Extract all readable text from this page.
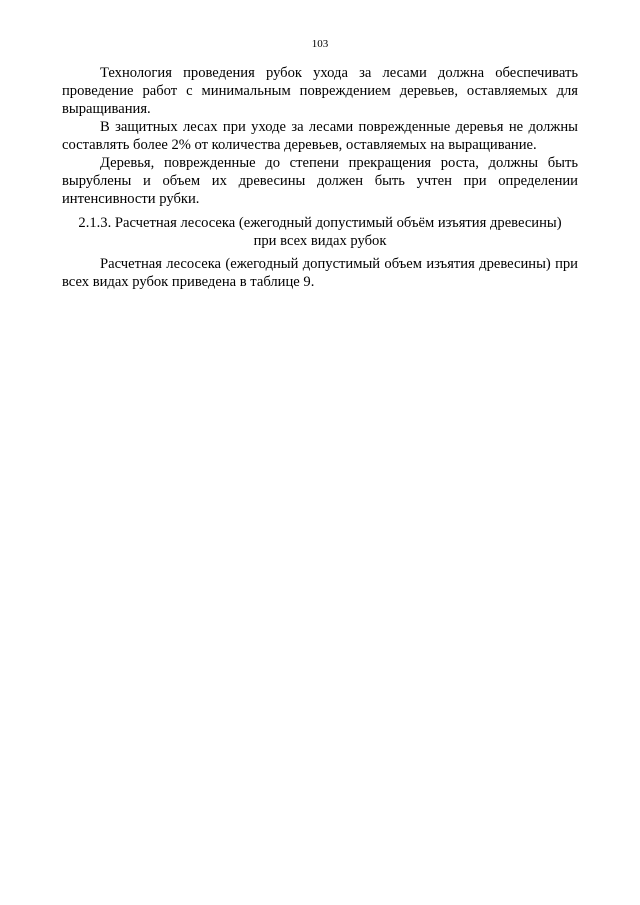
103

Технология проведения рубок ухода за лесами должна обеспечивать проведение работ с минимальным повреждением деревьев, оставляемых для выращивания.

В защитных лесах при уходе за лесами поврежденные деревья не должны составлять более 2% от количества деревьев, оставляемых на выращивание.

Деревья, поврежденные до степени прекращения роста, должны быть вырублены и объем их древесины должен быть учтен при определении интенсивности рубки.

2.1.3. Расчетная лесосека (ежегодный допустимый объём изъятия древесины)
при всех видах рубок

Расчетная лесосека (ежегодный допустимый объем изъятия древесины) при всех видах рубок приведена в таблице 9.
